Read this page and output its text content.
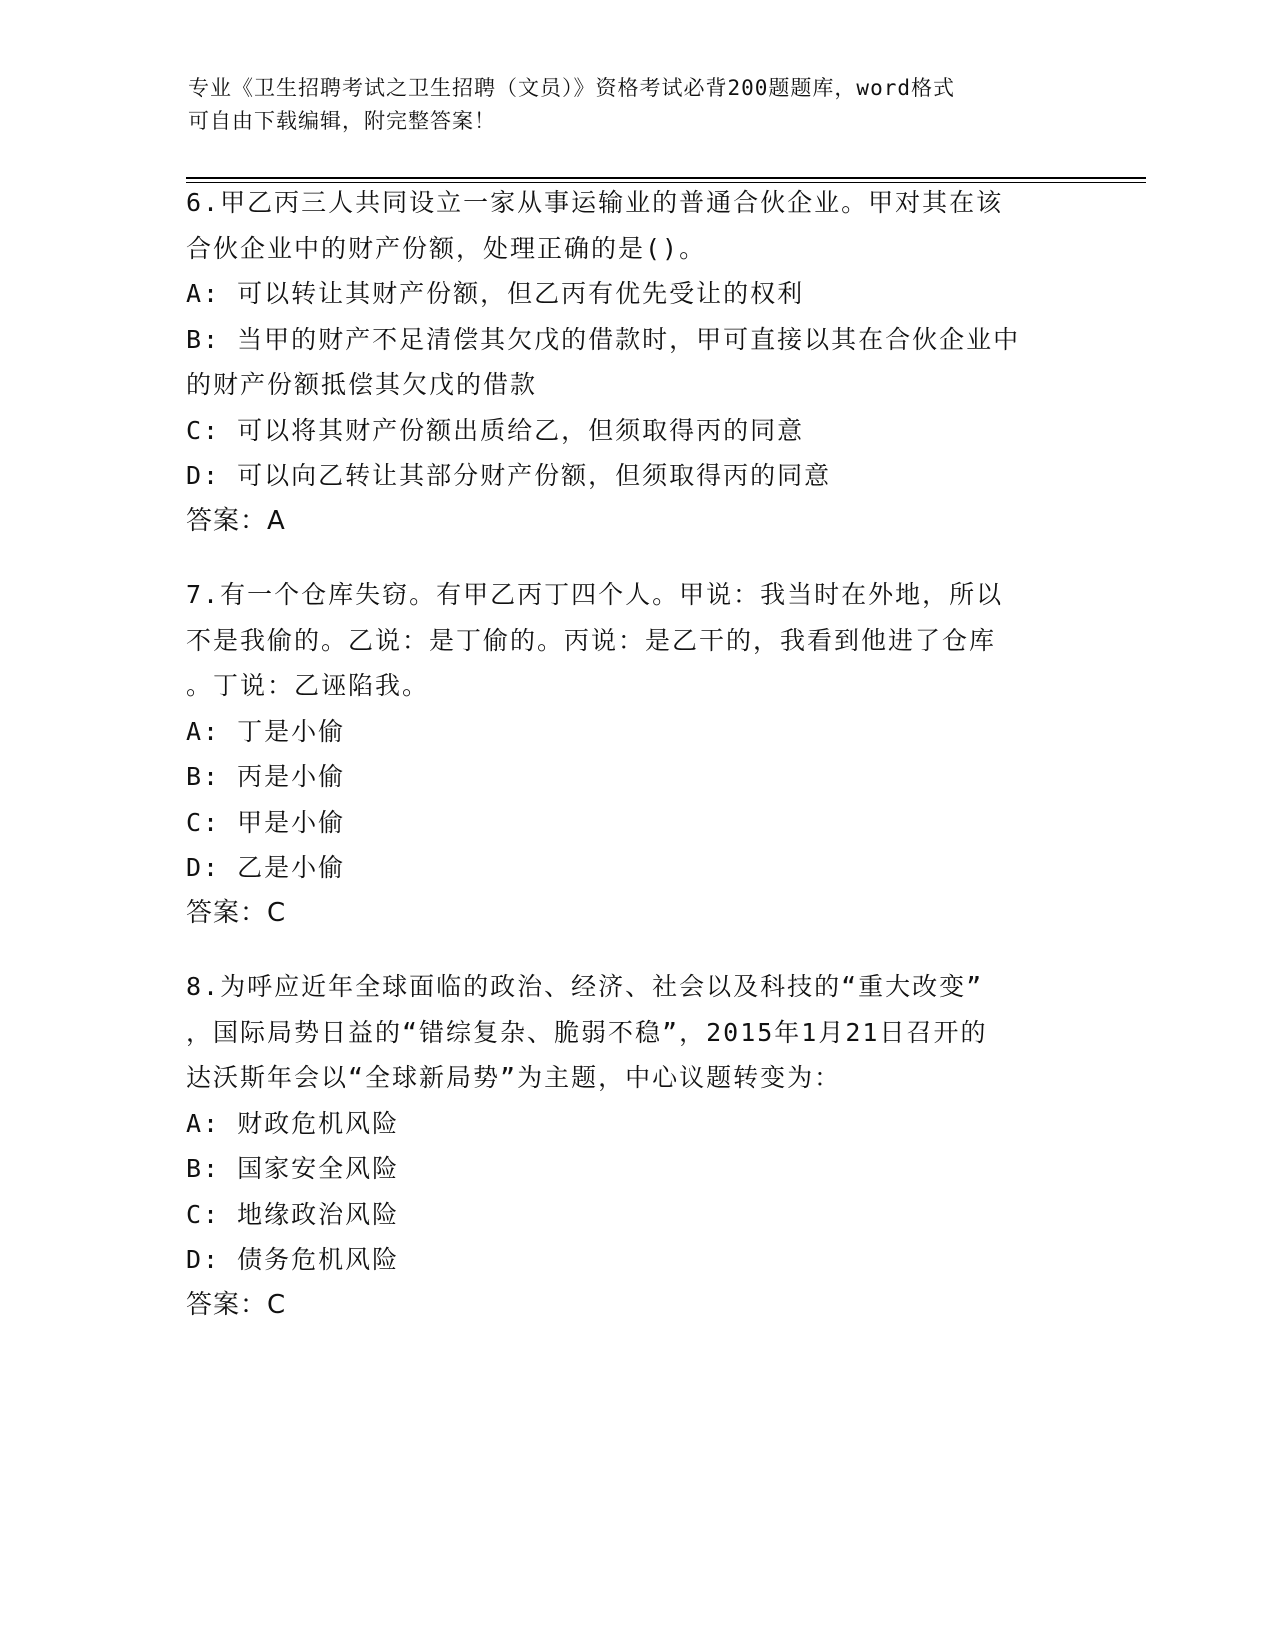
专业《卫生招聘考试之卫生招聘（文员）》资格考试必背200题题库，word格式
可自由下载编辑，附完整答案！
6.甲乙丙三人共同设立一家从事运输业的普通合伙企业。甲对其在该
合伙企业中的财产份额，处理正确的是()。
A: 可以转让其财产份额，但乙丙有优先受让的权利
B: 当甲的财产不足清偿其欠戊的借款时，甲可直接以其在合伙企业中
的财产份额抵偿其欠戊的借款
C: 可以将其财产份额出质给乙，但须取得丙的同意
D: 可以向乙转让其部分财产份额，但须取得丙的同意
答案：A
7.有一个仓库失窃。有甲乙丙丁四个人。甲说：我当时在外地，所以
不是我偷的。乙说：是丁偷的。丙说：是乙干的，我看到他进了仓库
。丁说：乙诬陷我。
A: 丁是小偷
B: 丙是小偷
C: 甲是小偷
D: 乙是小偷
答案：C
8.为呼应近年全球面临的政治、经济、社会以及科技的“重大改变”
，国际局势日益的“错综复杂、脆弱不稳”，2015年1月21日召开的
达沃斯年会以“全球新局势”为主题，中心议题转变为：
A: 财政危机风险
B: 国家安全风险
C: 地缘政治风险
D: 债务危机风险
答案：C
